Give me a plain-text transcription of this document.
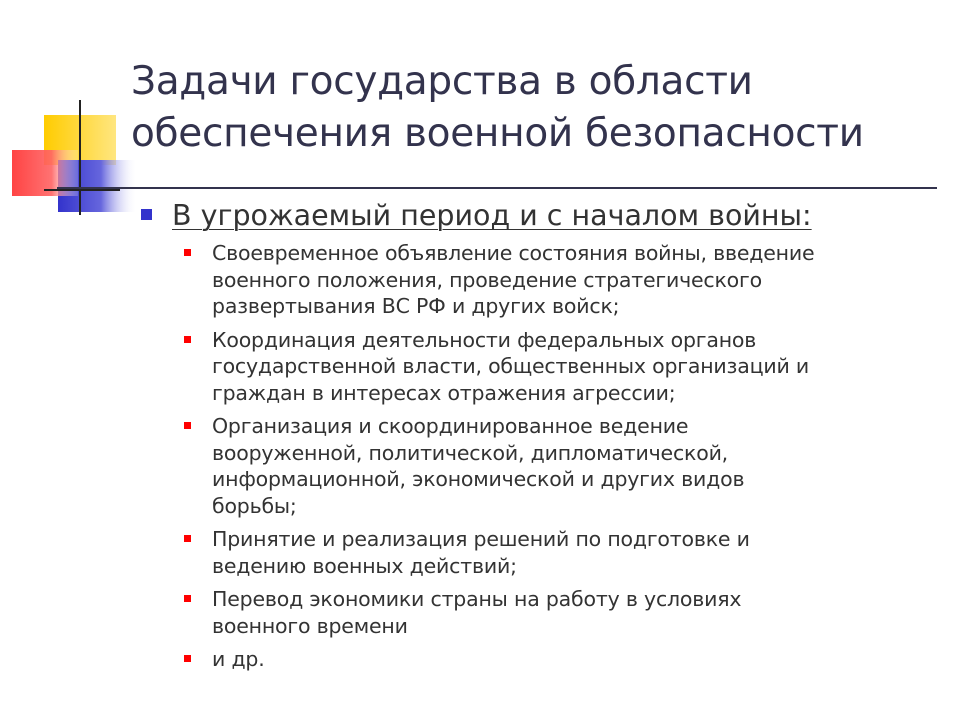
Задачи государства в области
обеспечения военной безопасности
В угрожаемый период и с началом войны:
Своевременное объявление состояния войны, введение
военного положения, проведение стратегического
развертывания ВС РФ и других войск;
Координация деятельности федеральных органов
государственной власти, общественных организаций и
граждан в интересах отражения агрессии;
Организация и скоординированное ведение
вооруженной, политической, дипломатической,
информационной, экономической и других видов
борьбы;
Принятие и реализация решений по подготовке и
ведению военных действий;
Перевод экономики страны на работу в условиях
военного времени
и др.
